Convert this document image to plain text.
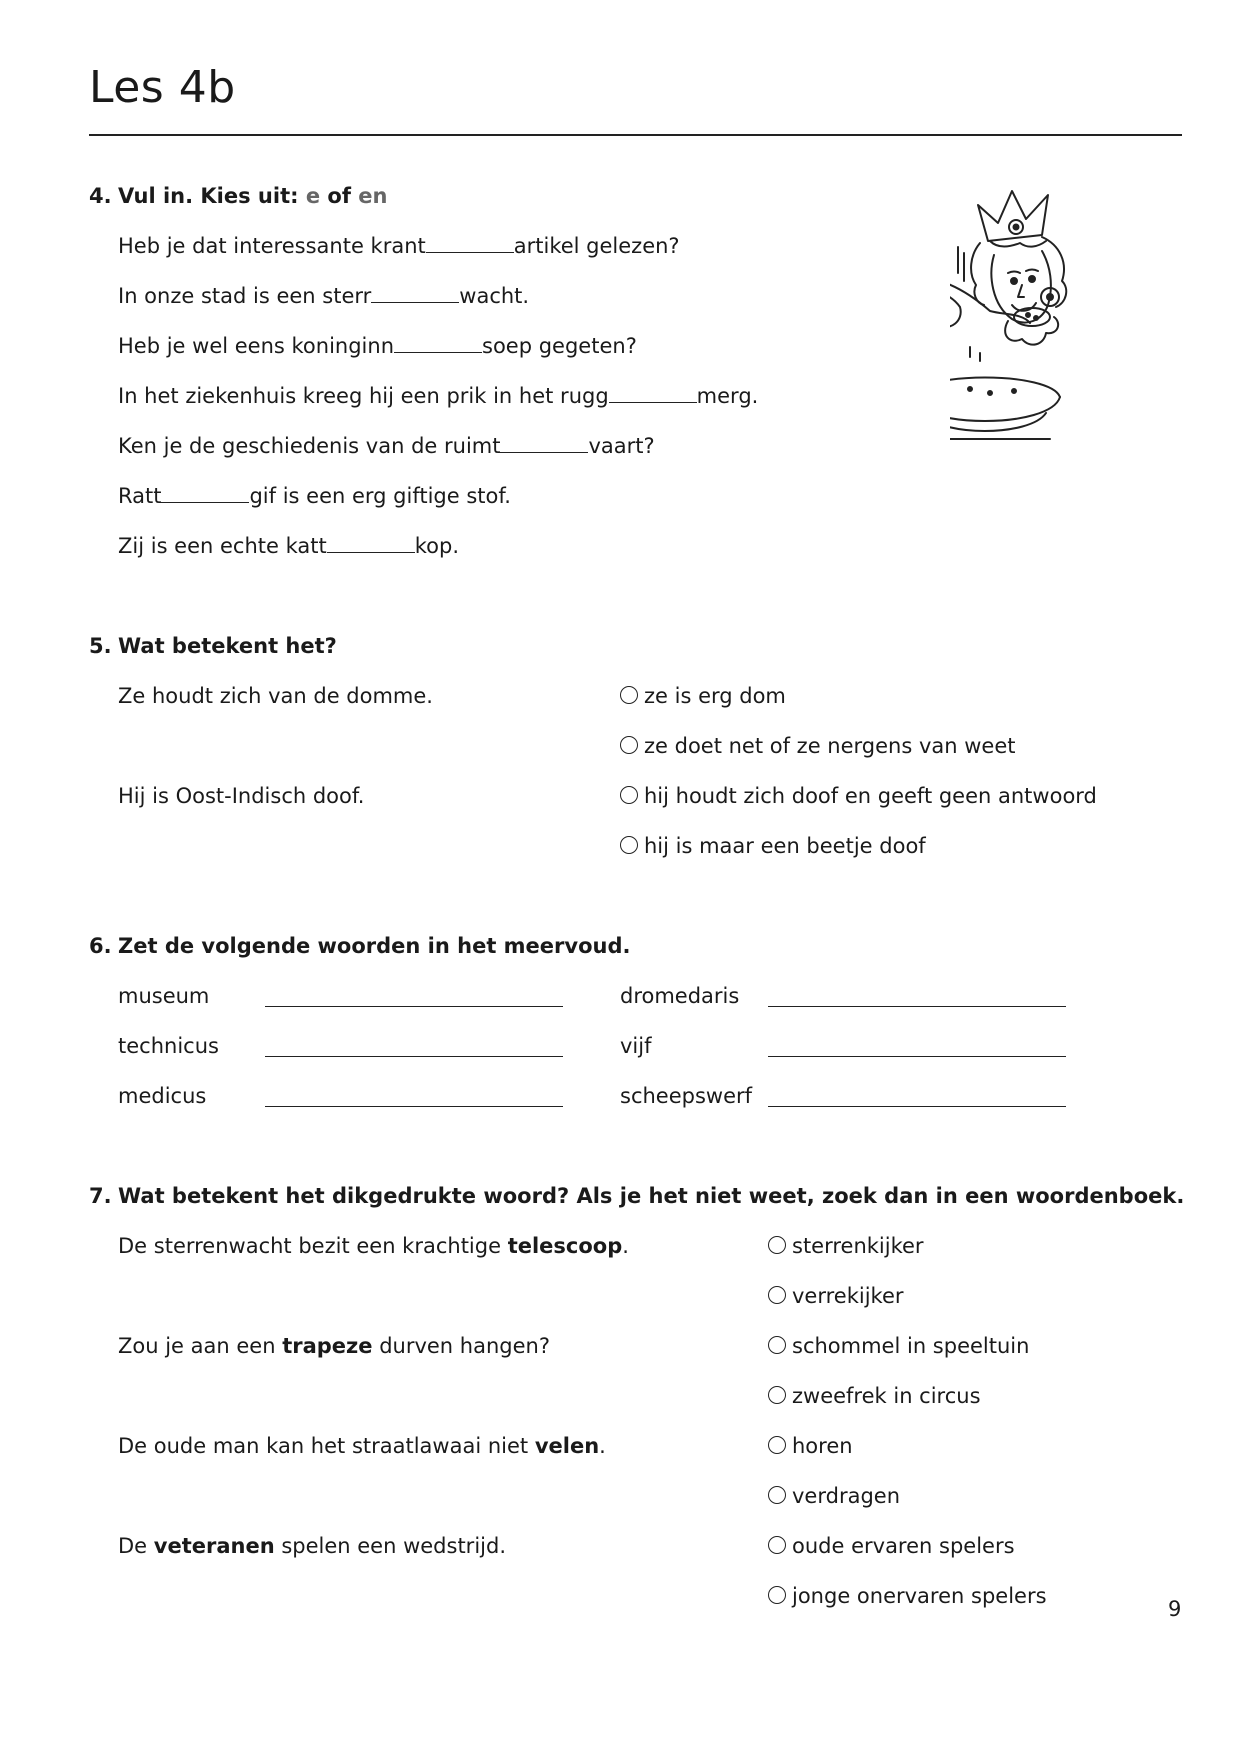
Les 4b
4. Vul in. Kies uit: e of en
Heb je dat interessante krant	artikel gelezen?
In onze stad is een sterr	wacht.
Heb je wel eens koninginn	soep gegeten?
In het ziekenhuis kreeg hij een prik in het rugg	merg.
Ken je de geschiedenis van de ruimt	vaart?
Ratt	gif is een erg giftige stof.
Zij is een echte katt	kop.
5. Wat betekent het?
Ze houdt zich van de domme.	ze is erg dom
ze doet net of ze nergens van weet
Hij is Oost-Indisch doof.	hij houdt zich doof en geeft geen antwoord
hij is maar een beetje doof
6. Zet de volgende woorden in het meervoud.
museum	dromedaris
technicus	vijf
medicus	scheepswerf
7. Wat betekent het dikgedrukte woord? Als je het niet weet, zoek dan in een woordenboek.
De sterrenwacht bezit een krachtige telescoop.	sterrenkijker
verrekijker
Zou je aan een trapeze durven hangen?	schommel in speeltuin
zweefrek in circus
De oude man kan het straatlawaai niet velen.	horen
verdragen
De veteranen spelen een wedstrijd.	oude ervaren spelers
jonge onervaren spelers
9
